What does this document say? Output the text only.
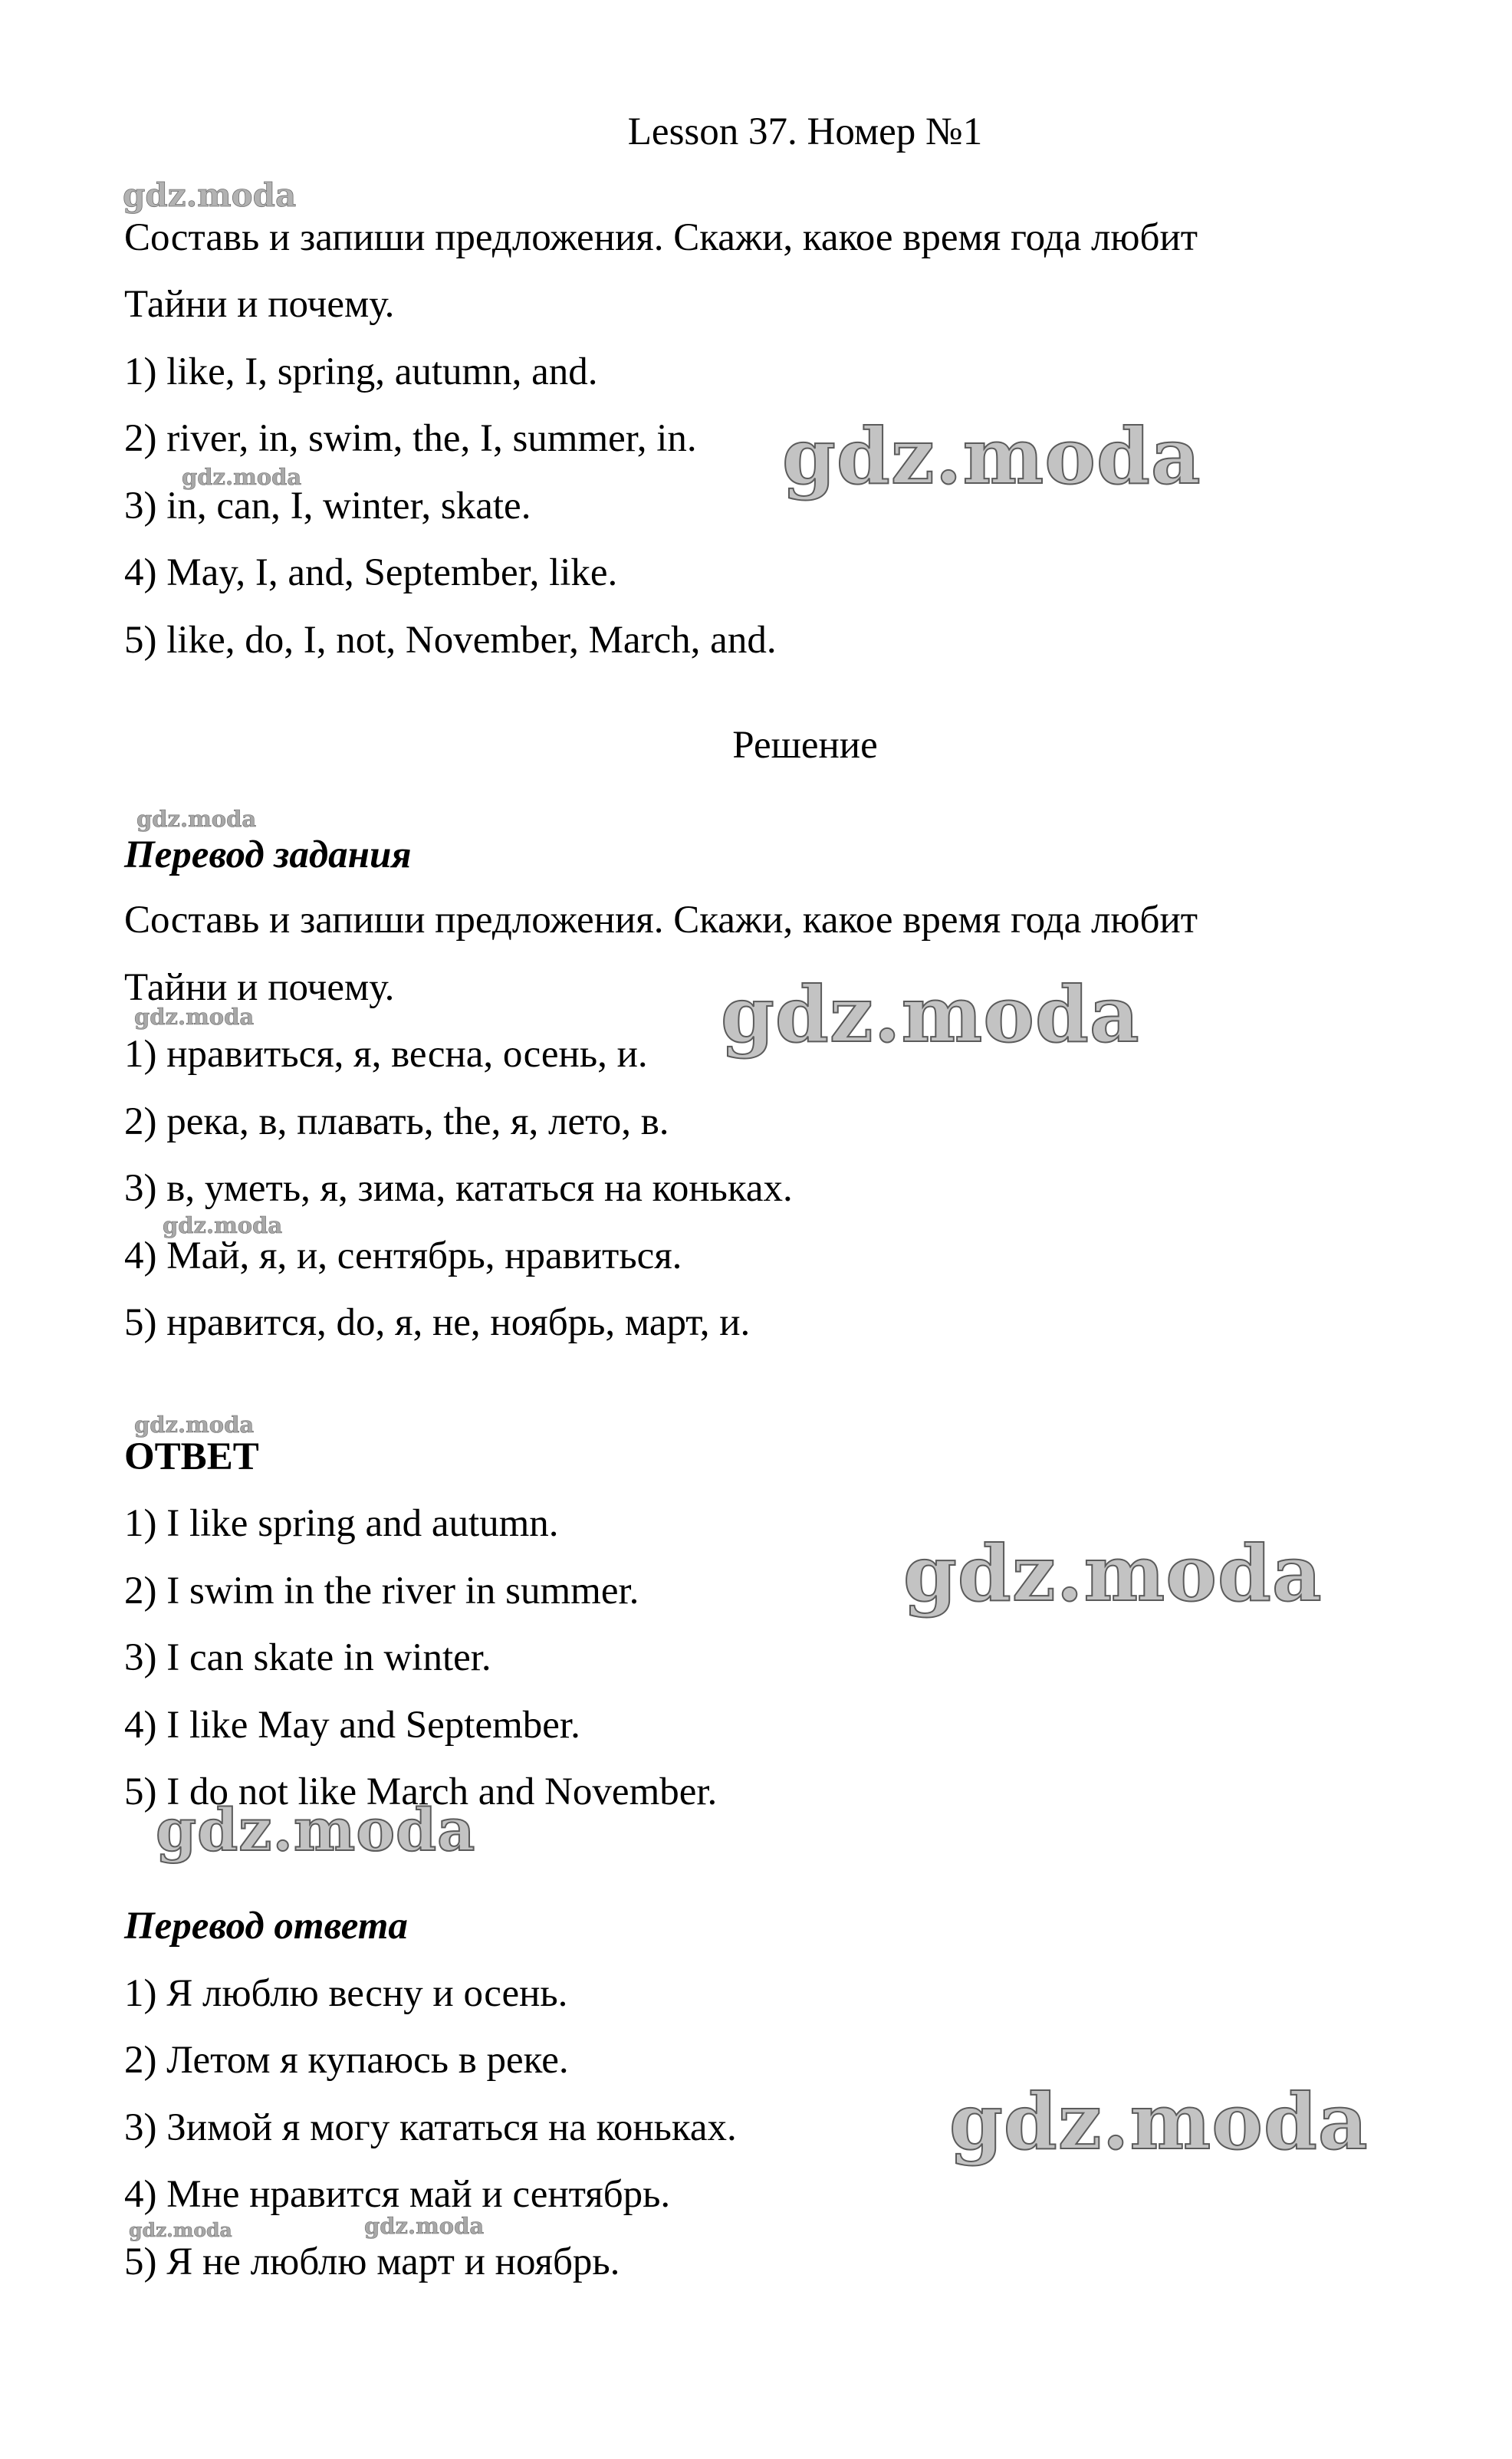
Lesson 37. Номер №1
Составь и запиши предложения. Скажи, какое время года любит
Тайни и почему.
1) like, I, spring, autumn, and.
2) river, in, swim, the, I, summer, in.
3) in, can, I, winter, skate.
4) May, I, and, September, like.
5) like, do, I, not, November, March, and.
Решение
Перевод задания
Составь и запиши предложения. Скажи, какое время года любит
Тайни и почему.
1) нравиться, я, весна, осень, и.
2) река, в, плавать, the, я, лето, в.
3) в, уметь, я, зима, кататься на коньках.
4) Май, я, и, сентябрь, нравиться.
5) нравится, do, я, не, ноябрь, март, и.
ОТВЕТ
1) I like spring and autumn.
2) I swim in the river in summer.
3) I can skate in winter.
4) I like May and September.
5) I do not like March and November.
Перевод ответа
1) Я люблю весну и осень.
2) Летом я купаюсь в реке.
3) Зимой я могу кататься на коньках.
4) Мне нравится май и сентябрь.
5) Я не люблю март и ноябрь.
gdz.moda
gdz.moda
gdz.moda
gdz.moda
gdz.moda
gdz.moda
gdz.moda
gdz.moda
gdz.moda
gdz.moda
gdz.moda
gdz.moda	gdz.moda
